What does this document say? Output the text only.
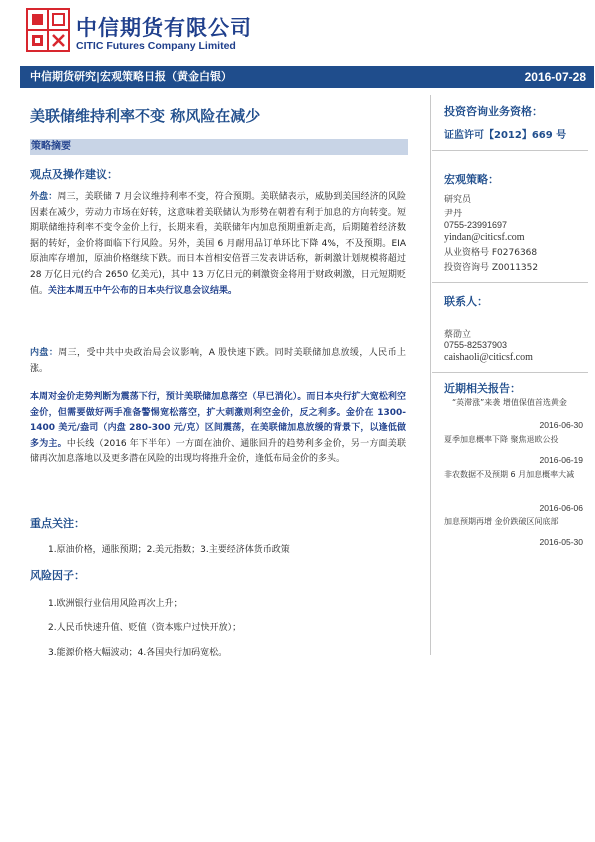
中信期货有限公司
CITIC Futures Company Limited
中信期货研究|宏观策略日报（黄金白银）	2016-07-28
美联储维持利率不变 称风险在减少
策略摘要
观点及操作建议：
外盘：周三，美联储 7 月会议维持利率不变，符合预期。美联储表示，威胁到美国经济的风险因素在减少，劳动力市场在好转，这意味着美联储认为形势在朝着有利于加息的方向转变。短期联储维持利率不变令金价上行，长期来看，美联储年内加息预期重新走高，后期随着经济数据的转好，金价将面临下行风险。另外，美国 6 月耐用品订单环比下降 4%，不及预期。EIA 原油库存增加，原油价格继续下跌。而日本首相安倍晋三发表讲话称，新刺激计划规模将超过 28 万亿日元(约合 2650 亿美元)，其中 13 万亿日元的刺激资金将用于财政刺激，日元短期贬值。关注本周五中午公布的日本央行议息会议结果。
内盘：周三，受中共中央政治局会议影响，A 股快速下跌。同时美联储加息放缓，人民币上涨。
本周对金价走势判断为震荡下行，预计美联储加息落空（早已消化）。而日本央行扩大宽松利空金价，但需要做好两手准备警惕宽松落空，扩大刺激则利空金价，反之利多。金价在 1300-1400 美元/盎司（内盘 280-300 元/克）区间震荡，在美联储加息放缓的背景下，以逢低做多为主。中长线（2016 年下半年）一方面在油价、通胀回升的趋势利多金价，另一方面美联储再次加息落地以及更多潜在风险的出现均将推升金价，逢低布局金价的多头。
重点关注：
1.原油价格，通胀预期；2.美元指数；3.主要经济体货币政策
风险因子：
1.欧洲银行业信用风险再次上升；
2.人民币快速升值、贬值（资本账户过快开放）；
3.能源价格大幅波动；4.各国央行加码宽松。
投资咨询业务资格：
证监许可【2012】669 号
宏观策略：
研究员
尹丹
0755-23991697
yindan@citicsf.com
从业资格号 F0276368
投资咨询号 Z0011352
联系人：
蔡劭立
0755-82537903
caishaoli@citicsf.com
近期相关报告：
“英滞涨”来袭 增值保值首选黄金
2016-06-30
夏季加息概率下降 聚焦退欧公投
2016-06-19
非农数据不及预期 6 月加息概率大减
2016-06-06
加息预期再增 金价跌破区间底部
2016-05-30
